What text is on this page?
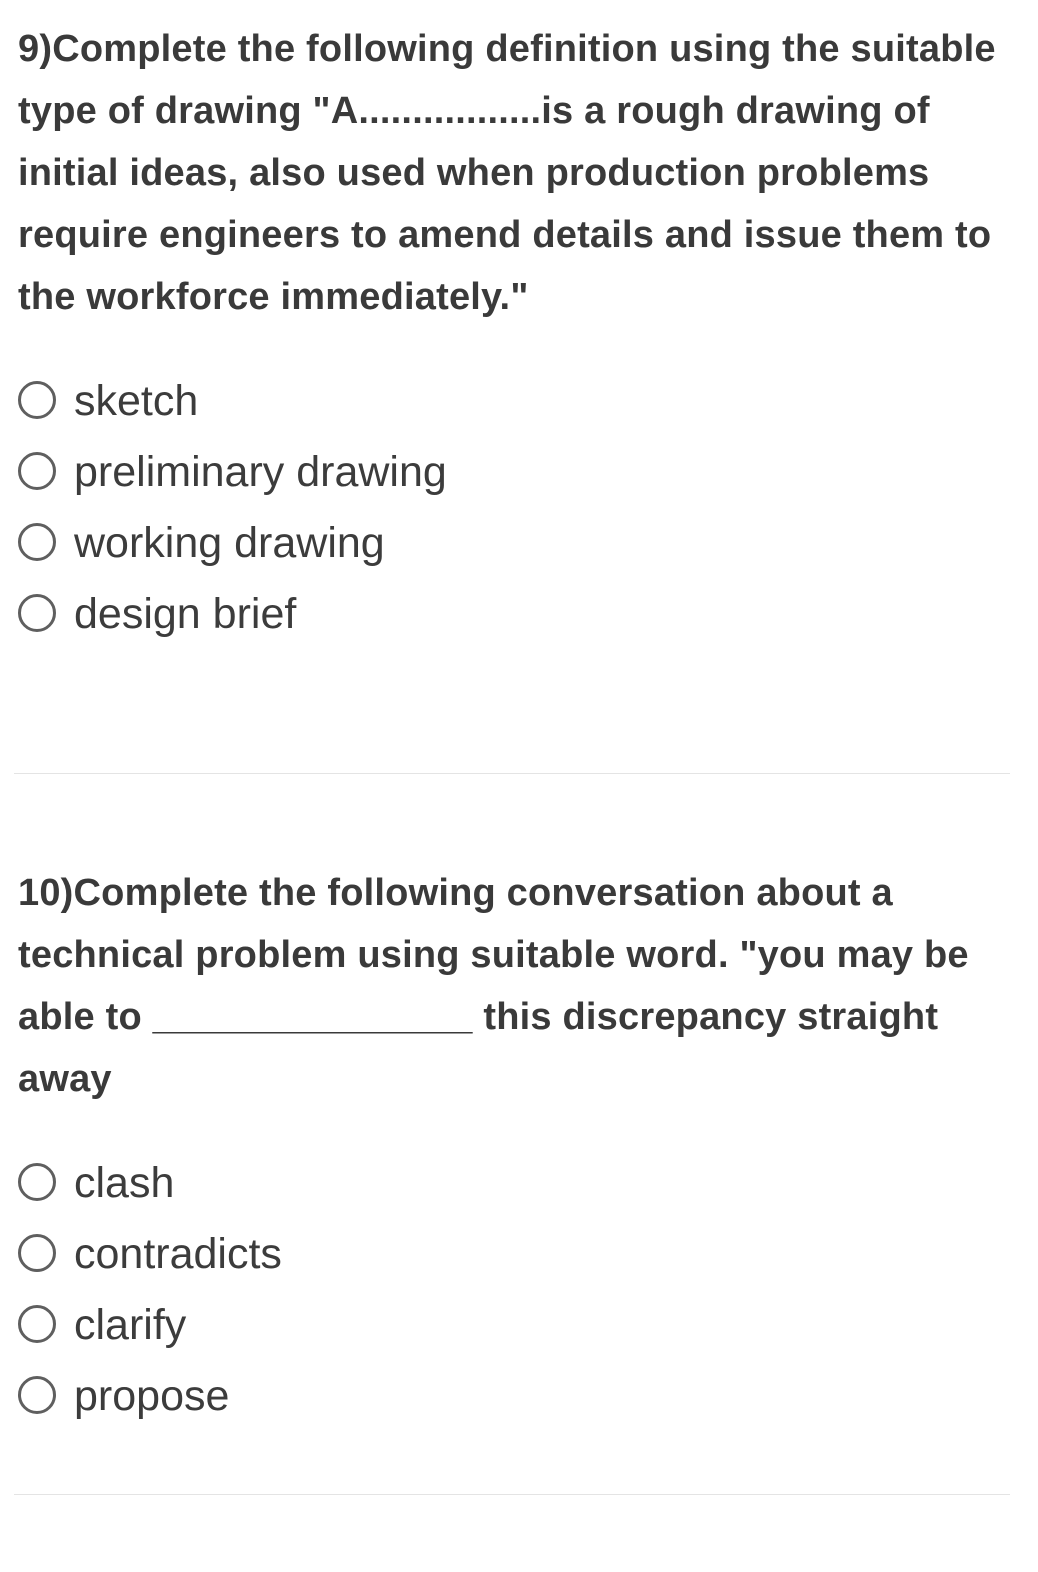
9)Complete the following definition using the suitable type of drawing "A.................is a rough drawing of initial ideas, also used when production problems require engineers to amend details and issue them to the workforce immediately."
sketch
preliminary drawing
working drawing
design brief
10)Complete the following conversation about a technical problem using suitable word. "you may be able to _______________ this discrepancy straight away
clash
contradicts
clarify
propose
